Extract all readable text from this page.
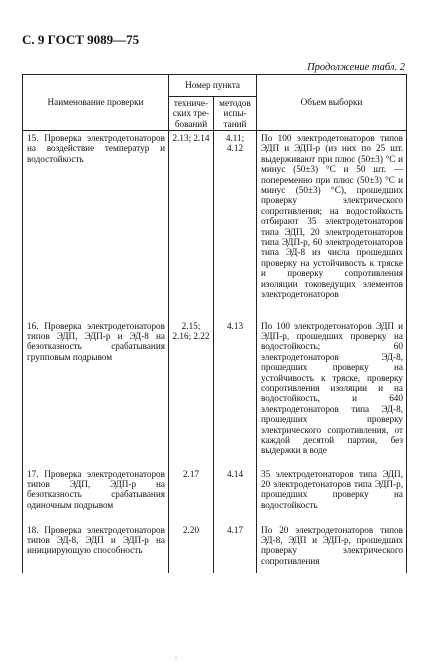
С. 9 ГОСТ 9089—75
Продолжение табл. 2
Наименование проверки	Номер пункта		Объем выборки
	техниче-ских тре-бований	методов испы-таний	
15. Проверка электродетонаторов на воздействие температур и водостойкость	2.13; 2.14	4.11; 4.12	По 100 электродетонаторов типов ЭДП и ЭДП-р (из них по 25 шт. выдерживают при плюс (50±3) °С и минус (50±3) °С и 50 шт. — попеременно при плюс (50±3) °С и минус (50±3) °С), прошедших проверку электрического сопротивления; на водостойкость отбирают 35 электродетонаторов типа ЭДП, 20 электродетонаторов типа ЭДП-р, 60 электродетонаторов типа ЭД-8 из числа прошедших проверку на устойчивость к тряске и проверку сопротивления изоляции токоведущих элементов электродетонаторов
16. Проверка электродетонаторов типов ЭДП, ЭДП-р и ЭД-8 на безотказность срабатывания групповым подрывом	2.15; 2.16; 2.22	4.13	По 100 электродетонаторов ЭДП и ЭДП-р, прошедших проверку на водостойкость; 60 электродетонаторов ЭД-8, прошедших проверку на устойчивость к тряске, проверку сопротивления изоляции и на водостойкость, и 640 электродетонаторов типа ЭД-8, прошедших проверку электрического сопротивления, от каждой десятой партии, без выдержки в воде
17. Проверка электродетонаторов типов ЭДП, ЭДП-р на безотказность срабатывания одиночным подрывом	2.17	4.14	35 электродетонаторов типа ЭДП, 20 электродетонаторов типа ЭДП-р, прошедших проверку на водостойкость
18. Проверка электродетонаторов типов ЭД-8, ЭДП и ЭДП-р на инициирующую способность	2.20	4.17	По 20 электродетонаторов типов ЭД-8, ЭДП и ЭДП-р, прошедших проверку электрического сопротивления
.
